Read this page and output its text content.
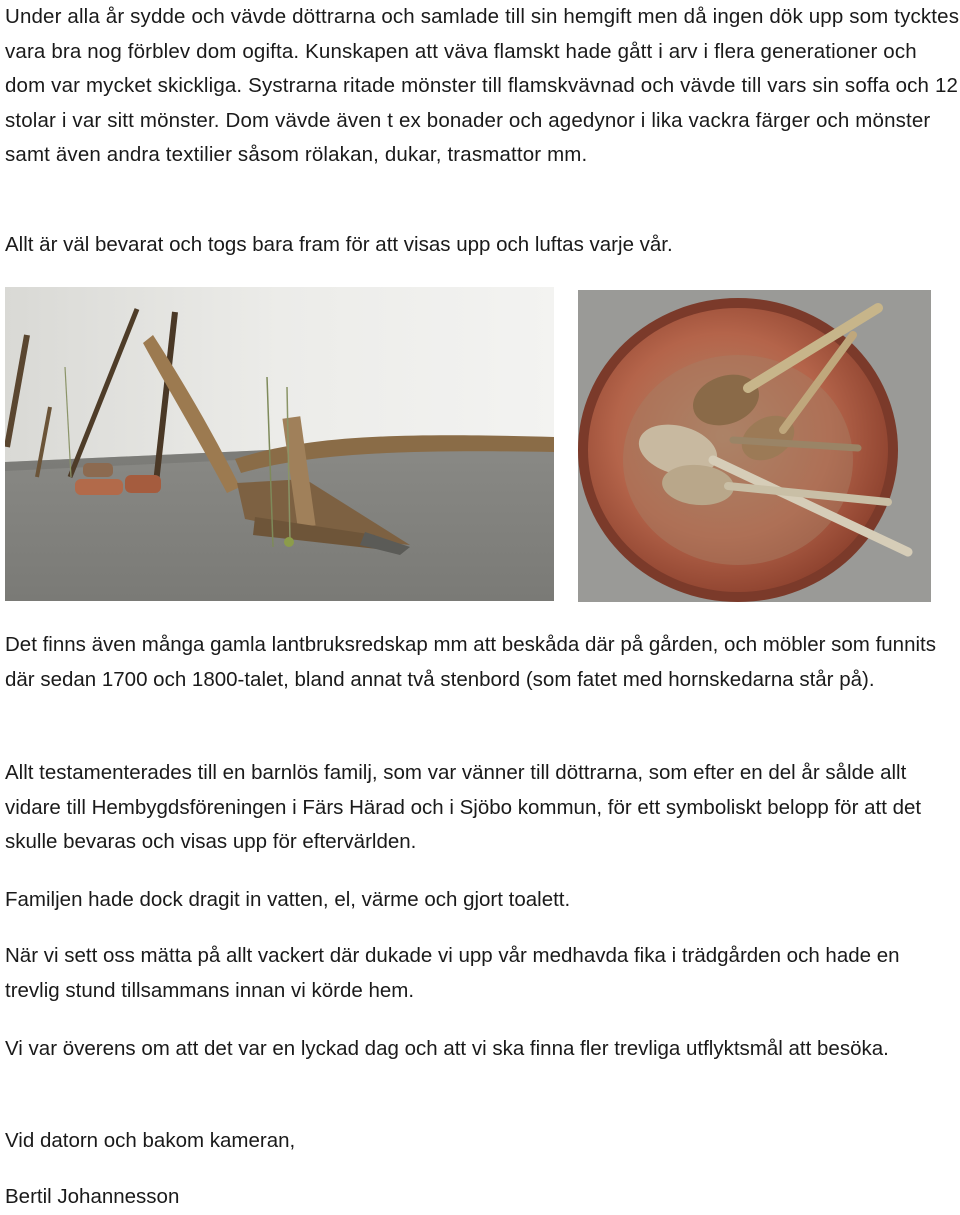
Under alla år sydde och vävde döttrarna och samlade till sin hemgift men då ingen dök upp som tycktes vara bra nog förblev dom ogifta. Kunskapen att väva flamskt hade gått i arv i flera generationer och dom var mycket skickliga. Systrarna ritade mönster till flamskvävnad och vävde till vars sin soffa och 12 stolar i var sitt mönster. Dom vävde även t ex bonader och agedynor i lika vackra färger och mönster samt även andra textilier såsom rölakan, dukar, trasmattor mm.

Allt är väl bevarat och togs bara fram för att visas upp och luftas varje vår.

Det finns även många gamla lantbruksredskap mm att beskåda där på gården, och möbler som funnits där sedan 1700 och 1800-talet, bland annat två stenbord (som fatet med hornskedarna står på).

Allt testamenterades till en barnlös familj, som var vänner till döttrarna, som efter en del år sålde allt vidare till Hembygdsföreningen i Färs Härad och i Sjöbo kommun, för ett symboliskt belopp för att det skulle bevaras och visas upp för eftervärlden.

Familjen hade dock dragit in vatten, el, värme och gjort toalett.

När vi sett oss mätta på allt vackert där dukade vi upp vår medhavda fika i trädgården och hade en trevlig stund tillsammans innan vi körde hem.

Vi var överens om att det var en lyckad dag och att vi ska finna fler trevliga utflyktsmål att besöka.

Vid datorn och bakom kameran,

Bertil Johannesson
